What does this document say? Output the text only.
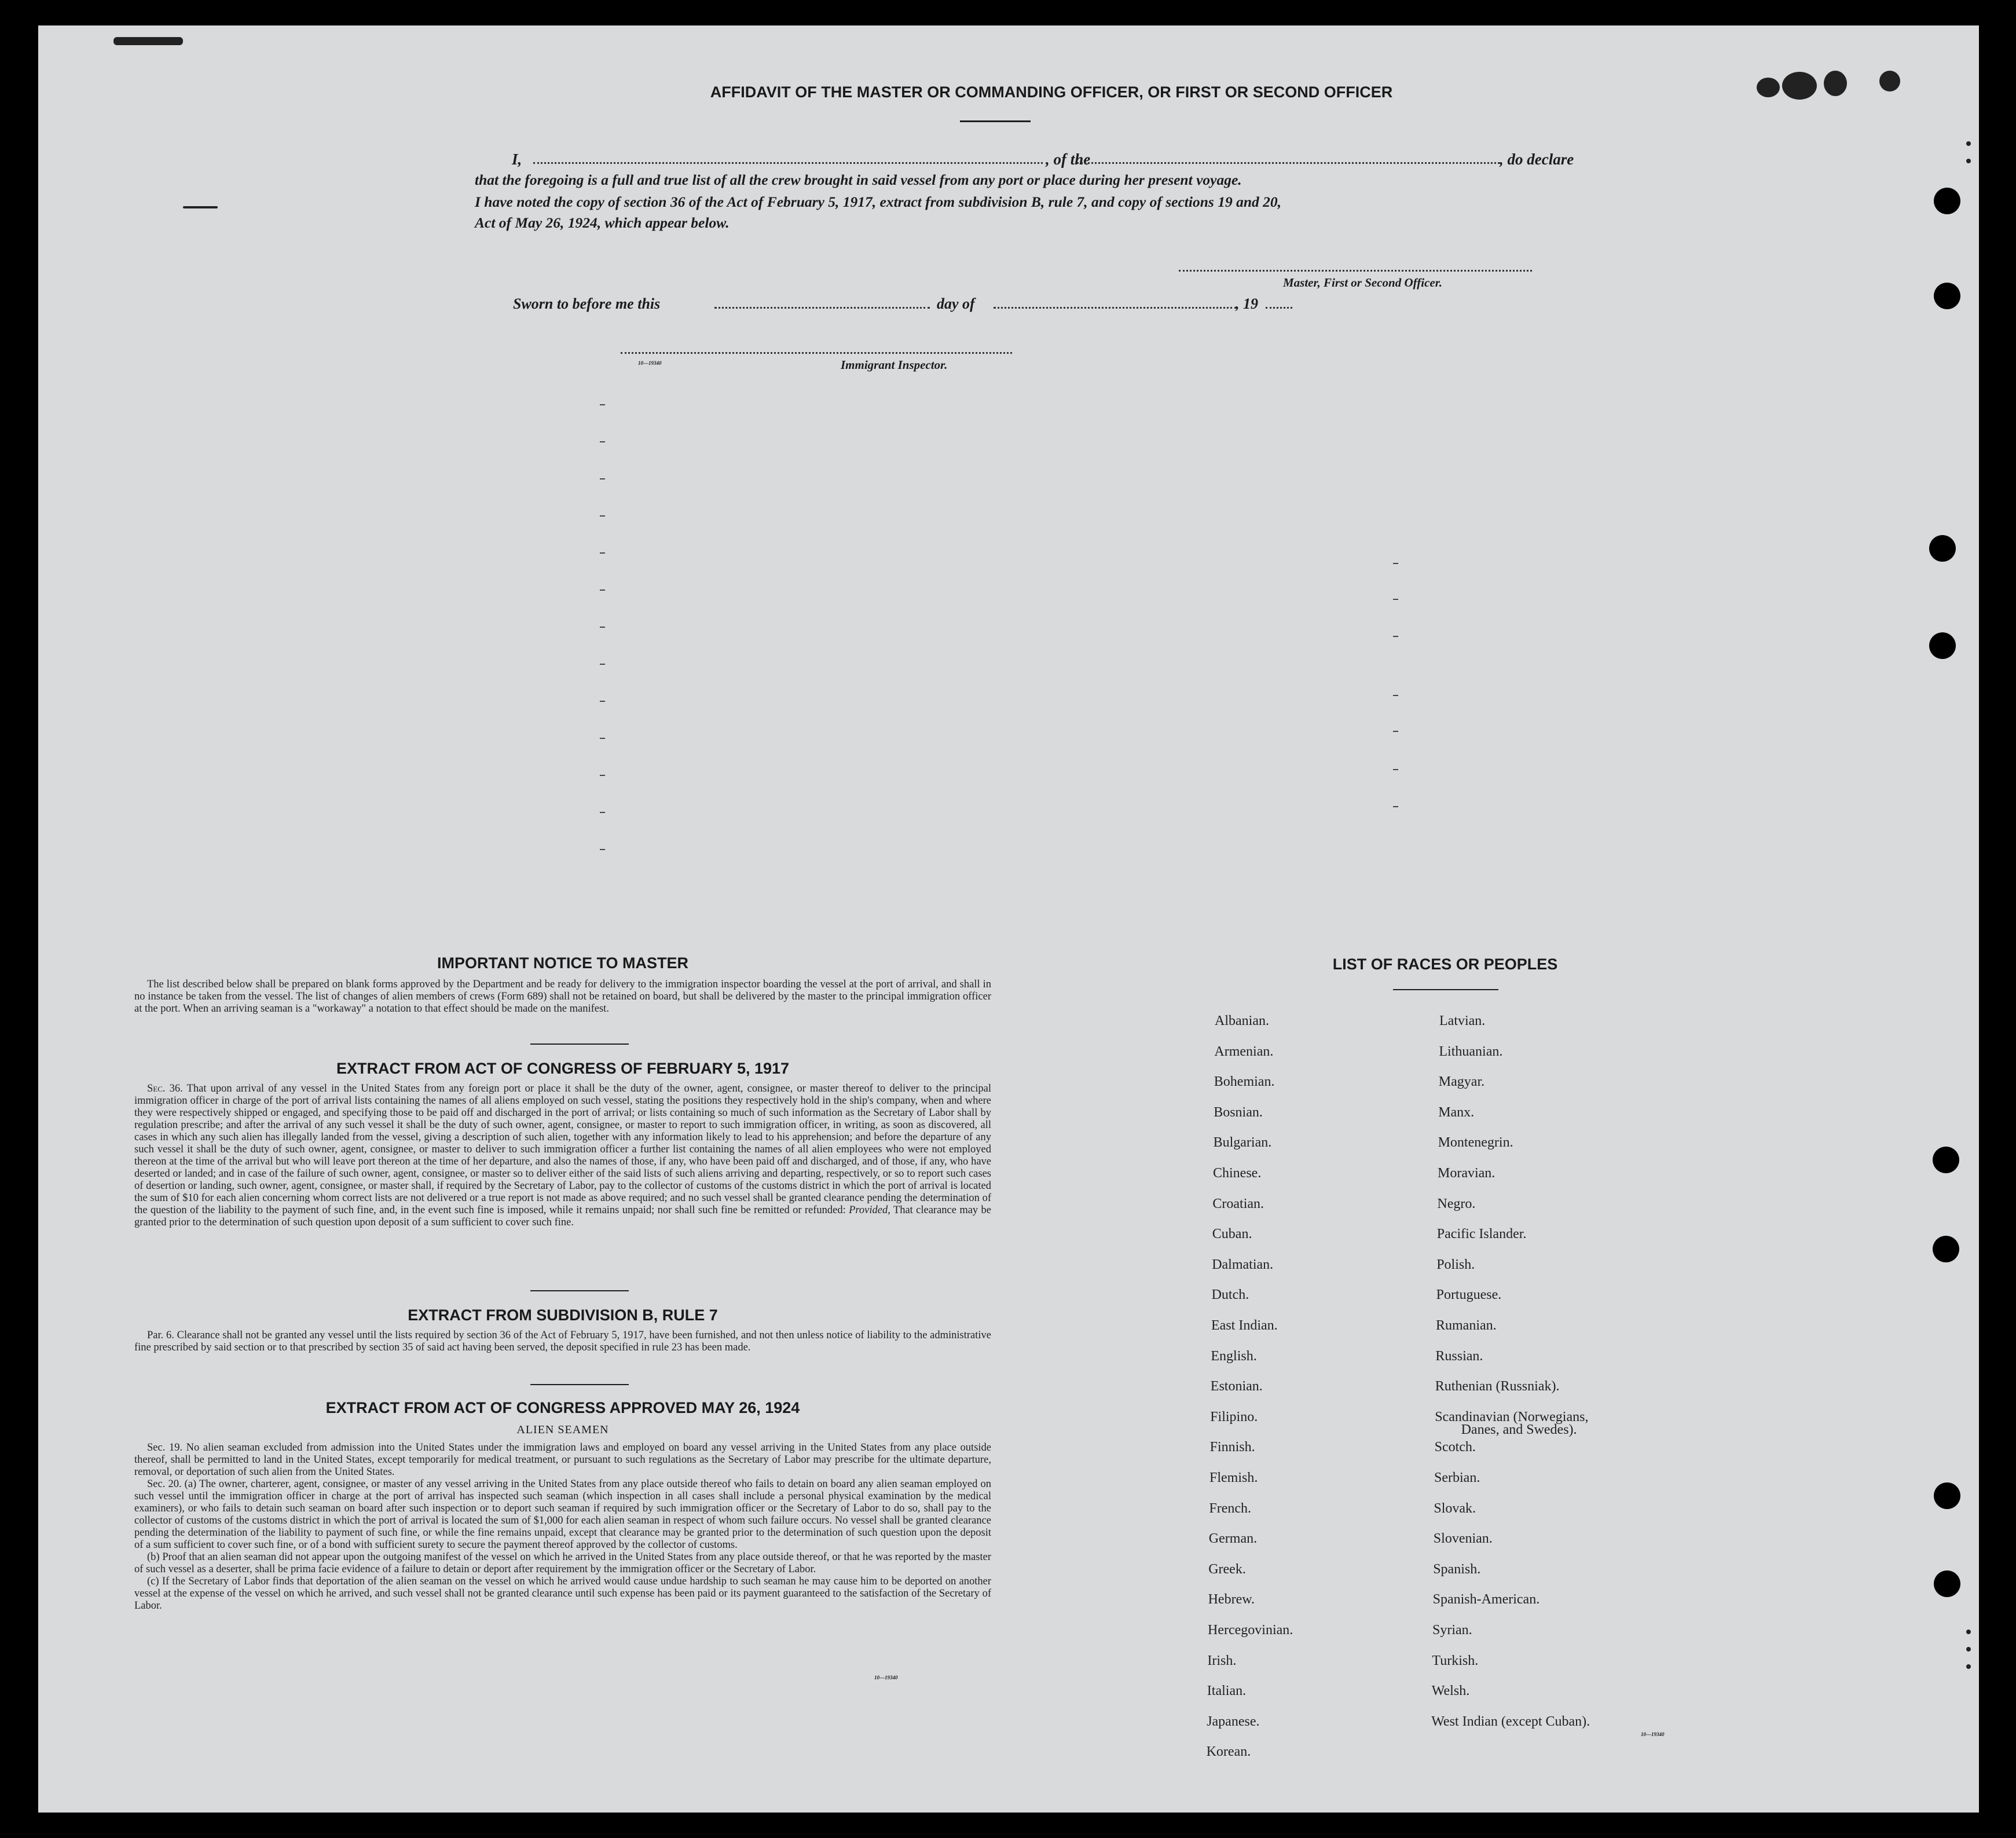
AFFIDAVIT OF THE MASTER OR COMMANDING OFFICER, OR FIRST OR SECOND OFFICER
I,	, of the	, do declare
that the foregoing is a full and true list of all the crew brought in said vessel from any port or place during her present voyage.
I have noted the copy of section 36 of the Act of February 5, 1917, extract from subdivision B, rule 7, and copy of sections 19 and 20,
Act of May 26, 1924, which appear below.
Master, First or Second Officer.
Sworn to before me this	day of	, 19
10—19340	Immigrant Inspector.
IMPORTANT NOTICE TO MASTER

The list described below shall be prepared on blank forms approved by the Department and be ready for delivery to the immigration inspector boarding the vessel at the port of arrival, and shall in no instance be taken from the vessel. The list of changes of alien members of crews (Form 689) shall not be retained on board, but shall be delivered by the master to the principal immigration officer at the port. When an arriving seaman is a "workaway" a notation to that effect should be made on the manifest.

EXTRACT FROM ACT OF CONGRESS OF FEBRUARY 5, 1917

Sec. 36. That upon arrival of any vessel in the United States from any foreign port or place it shall be the duty of the owner, agent, consignee, or master thereof to deliver to the principal immigration officer in charge of the port of arrival lists containing the names of all aliens employed on such vessel, stating the positions they respectively hold in the ship's company, when and where they were respectively shipped or engaged, and specifying those to be paid off and discharged in the port of arrival; or lists containing so much of such information as the Secretary of Labor shall by regulation prescribe; and after the arrival of any such vessel it shall be the duty of such owner, agent, consignee, or master to report to such immigration officer, in writing, as soon as discovered, all cases in which any such alien has illegally landed from the vessel, giving a description of such alien, together with any information likely to lead to his apprehension; and before the departure of any such vessel it shall be the duty of such owner, agent, consignee, or master to deliver to such immigration officer a further list containing the names of all alien employees who were not employed thereon at the time of the arrival but who will leave port thereon at the time of her departure, and also the names of those, if any, who have been paid off and discharged, and of those, if any, who have deserted or landed; and in case of the failure of such owner, agent, consignee, or master so to deliver either of the said lists of such aliens arriving and departing, respectively, or so to report such cases of desertion or landing, such owner, agent, consignee, or master shall, if required by the Secretary of Labor, pay to the collector of customs of the customs district in which the port of arrival is located the sum of $10 for each alien concerning whom correct lists are not delivered or a true report is not made as above required; and no such vessel shall be granted clearance pending the determination of the question of the liability to the payment of such fine, and, in the event such fine is imposed, while it remains unpaid; nor shall such fine be remitted or refunded: Provided, That clearance may be granted prior to the determination of such question upon deposit of a sum sufficient to cover such fine.

EXTRACT FROM SUBDIVISION B, RULE 7

Par. 6. Clearance shall not be granted any vessel until the lists required by section 36 of the Act of February 5, 1917, have been furnished, and not then unless notice of liability to the administrative fine prescribed by said section or to that prescribed by section 35 of said act having been served, the deposit specified in rule 23 has been made.

EXTRACT FROM ACT OF CONGRESS APPROVED MAY 26, 1924
ALIEN SEAMEN

Sec. 19. No alien seaman excluded from admission into the United States under the immigration laws and employed on board any vessel arriving in the United States from any place outside thereof, shall be permitted to land in the United States, except temporarily for medical treatment, or pursuant to such regulations as the Secretary of Labor may prescribe for the ultimate departure, removal, or deportation of such alien from the United States.

Sec. 20. (a) The owner, charterer, agent, consignee, or master of any vessel arriving in the United States from any place outside thereof who fails to detain on board any alien seaman employed on such vessel until the immigration officer in charge at the port of arrival has inspected such seaman (which inspection in all cases shall include a personal physical examination by the medical examiners), or who fails to detain such seaman on board after such inspection or to deport such seaman if required by such immigration officer or the Secretary of Labor to do so, shall pay to the collector of customs of the customs district in which the port of arrival is located the sum of $1,000 for each alien seaman in respect of whom such failure occurs. No vessel shall be granted clearance pending the determination of the liability to payment of such fine, or while the fine remains unpaid, except that clearance may be granted prior to the determination of such question upon the deposit of a sum sufficient to cover such fine, or of a bond with sufficient surety to secure the payment thereof approved by the collector of customs.

(b) Proof that an alien seaman did not appear upon the outgoing manifest of the vessel on which he arrived in the United States from any place outside thereof, or that he was reported by the master of such vessel as a deserter, shall be prima facie evidence of a failure to detain or deport after requirement by the immigration officer or the Secretary of Labor.

(c) If the Secretary of Labor finds that deportation of the alien seaman on the vessel on which he arrived would cause undue hardship to such seaman he may cause him to be deported on another vessel at the expense of the vessel on which he arrived, and such vessel shall not be granted clearance until such expense has been paid or its payment guaranteed to the satisfaction of the Secretary of Labor.

10—19340
LIST OF RACES OR PEOPLES
Albanian.
Armenian.
Bohemian.
Bosnian.
Bulgarian.
Chinese.
Croatian.
Cuban.
Dalmatian.
Dutch.
East Indian.
English.
Estonian.
Filipino.
Finnish.
Flemish.
French.
German.
Greek.
Hebrew.
Hercegovinian.
Irish.
Italian.
Japanese.
Korean.
Latvian.
Lithuanian.
Magyar.
Manx.
Montenegrin.
Moravian.
Negro.
Pacific Islander.
Polish.
Portuguese.
Rumanian.
Russian.
Ruthenian (Russniak).
Scandinavian (Norwegians,
Danes, and Swedes).
Scotch.
Serbian.
Slovak.
Slovenian.
Spanish.
Spanish-American.
Syrian.
Turkish.
Welsh.
West Indian (except Cuban).
10—19340
